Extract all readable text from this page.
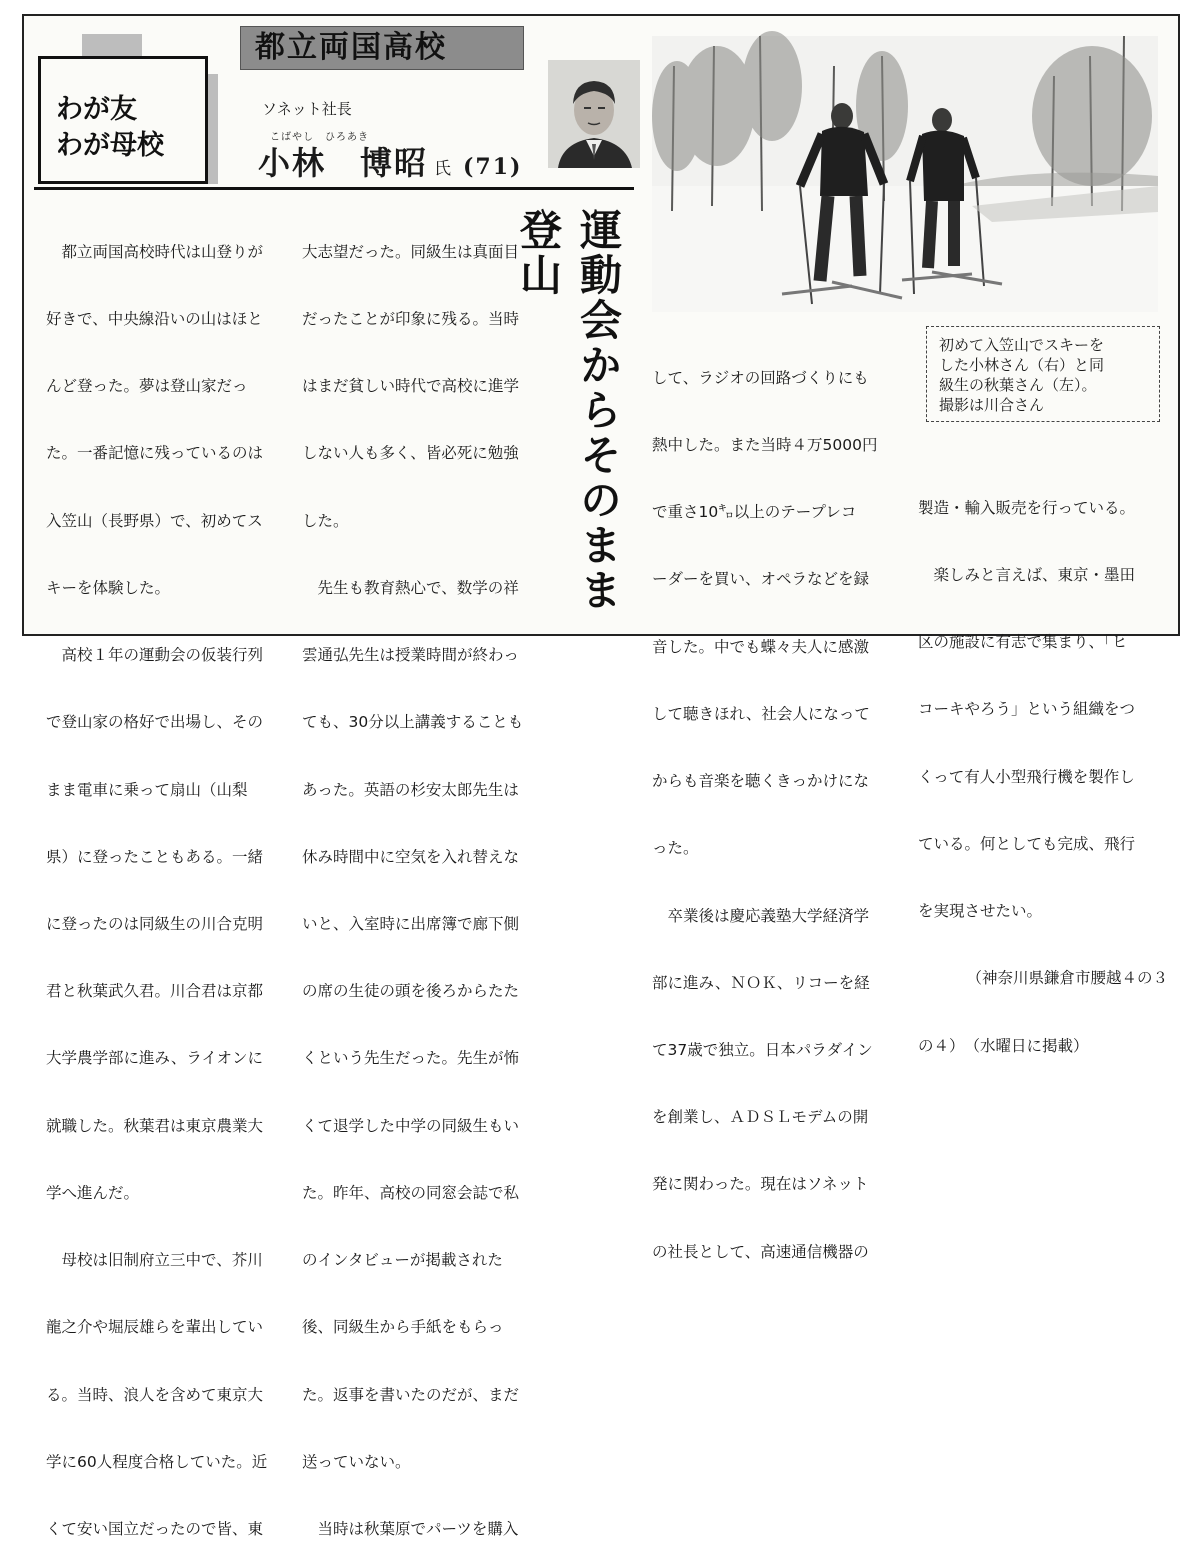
わが友
わが母校
都立両国高校
ソネット社長
こばやし　ひろあき
小林　博昭 氏 (71)

　都立両国高校時代は山登りが

好きで、中央線沿いの山はほと

んど登った。夢は登山家だっ

た。一番記憶に残っているのは

入笠山（長野県）で、初めてス

キーを体験した。

　高校１年の運動会の仮装行列

で登山家の格好で出場し、その

まま電車に乗って扇山（山梨

県）に登ったこともある。一緒

に登ったのは同級生の川合克明

君と秋葉武久君。川合君は京都

大学農学部に進み、ライオンに

就職した。秋葉君は東京農業大

学へ進んだ。

　母校は旧制府立三中で、芥川

龍之介や堀辰雄らを輩出してい

る。当時、浪人を含めて東京大

学に60人程度合格していた。近

くて安い国立だったので皆、東

大志望だった。同級生は真面目

だったことが印象に残る。当時

はまだ貧しい時代で高校に進学

しない人も多く、皆必死に勉強

した。

　先生も教育熱心で、数学の祥

雲通弘先生は授業時間が終わっ

ても、30分以上講義することも

あった。英語の杉安太郎先生は

休み時間中に空気を入れ替えな

いと、入室時に出席簿で廊下側

の席の生徒の頭を後ろからたた

くという先生だった。先生が怖

くて退学した中学の同級生もい

た。昨年、高校の同窓会誌で私

のインタビューが掲載された

後、同級生から手紙をもらっ

た。返事を書いたのだが、まだ

送っていない。

　当時は秋葉原でパーツを購入

運動会からそのまま登山
初めて入笠山でスキーを
した小林さん（右）と同
級生の秋葉さん（左）。
撮影は川合さん

して、ラジオの回路づくりにも

熱中した。また当時４万5000円

で重さ10㌔以上のテープレコ

ーダーを買い、オペラなどを録

音した。中でも蝶々夫人に感激

して聴きほれ、社会人になって

からも音楽を聴くきっかけにな

った。

　卒業後は慶応義塾大学経済学

部に進み、ＮＯＫ、リコーを経

て37歳で独立。日本パラダイン

を創業し、ＡＤＳＬモデムの開

発に関わった。現在はソネット

の社長として、高速通信機器の

製造・輸入販売を行っている。

　楽しみと言えば、東京・墨田

区の施設に有志で集まり、「ヒ

コーキやろう」という組織をつ

くって有人小型飛行機を製作し

ている。何としても完成、飛行

を実現させたい。

（神奈川県鎌倉市腰越４の３

の４）　（水曜日に掲載）
